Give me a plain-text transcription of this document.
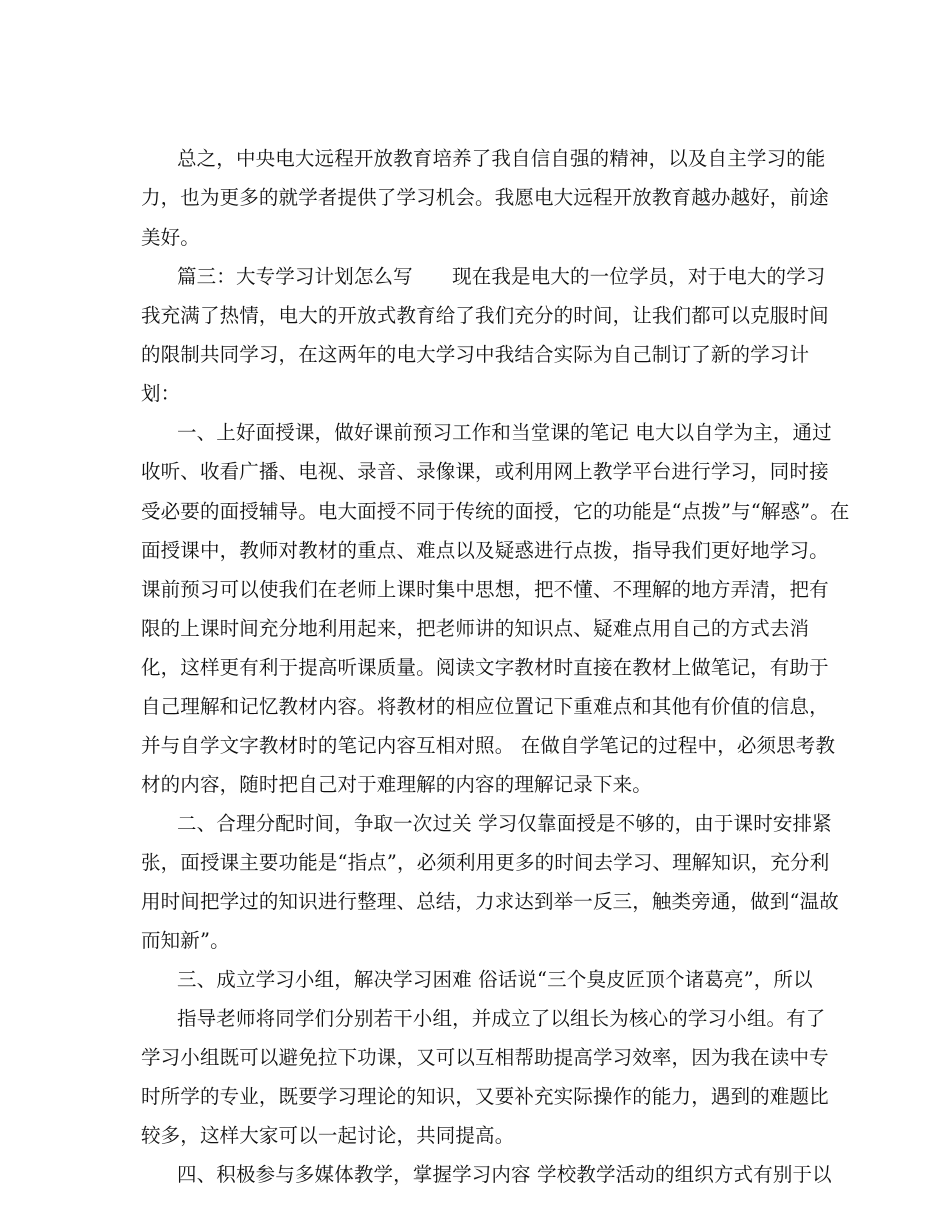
总之，中央电大远程开放教育培养了我自信自强的精神，以及自主学习的能
力，也为更多的就学者提供了学习机会。我愿电大远程开放教育越办越好，前途
美好。
篇三：大专学习计划怎么写　　现在我是电大的一位学员，对于电大的学习
我充满了热情，电大的开放式教育给了我们充分的时间，让我们都可以克服时间
的限制共同学习，在这两年的电大学习中我结合实际为自己制订了新的学习计
划：
一、上好面授课，做好课前预习工作和当堂课的笔记 电大以自学为主，通过
收听、收看广播、电视、录音、录像课，或利用网上教学平台进行学习，同时接
受必要的面授辅导。电大面授不同于传统的面授，它的功能是“点拨”与“解惑”。在
面授课中，教师对教材的重点、难点以及疑惑进行点拨，指导我们更好地学习。
课前预习可以使我们在老师上课时集中思想，把不懂、不理解的地方弄清，把有
限的上课时间充分地利用起来，把老师讲的知识点、疑难点用自己的方式去消
化，这样更有利于提高听课质量。阅读文字教材时直接在教材上做笔记，有助于
自己理解和记忆教材内容。将教材的相应位置记下重难点和其他有价值的信息，
并与自学文字教材时的笔记内容互相对照。 在做自学笔记的过程中，必须思考教
材的内容，随时把自己对于难理解的内容的理解记录下来。
二、合理分配时间，争取一次过关 学习仅靠面授是不够的，由于课时安排紧
张，面授课主要功能是“指点”，必须利用更多的时间去学习、理解知识，充分利
用时间把学过的知识进行整理、总结，力求达到举一反三，触类旁通，做到“温故
而知新”。
三、成立学习小组，解决学习困难 俗话说“三个臭皮匠顶个诸葛亮”，所以
指导老师将同学们分别若干小组，并成立了以组长为核心的学习小组。有了
学习小组既可以避免拉下功课，又可以互相帮助提高学习效率，因为我在读中专
时所学的专业，既要学习理论的知识，又要补充实际操作的能力，遇到的难题比
较多，这样大家可以一起讨论，共同提高。
四、积极参与多媒体教学，掌握学习内容 学校教学活动的组织方式有别于以
